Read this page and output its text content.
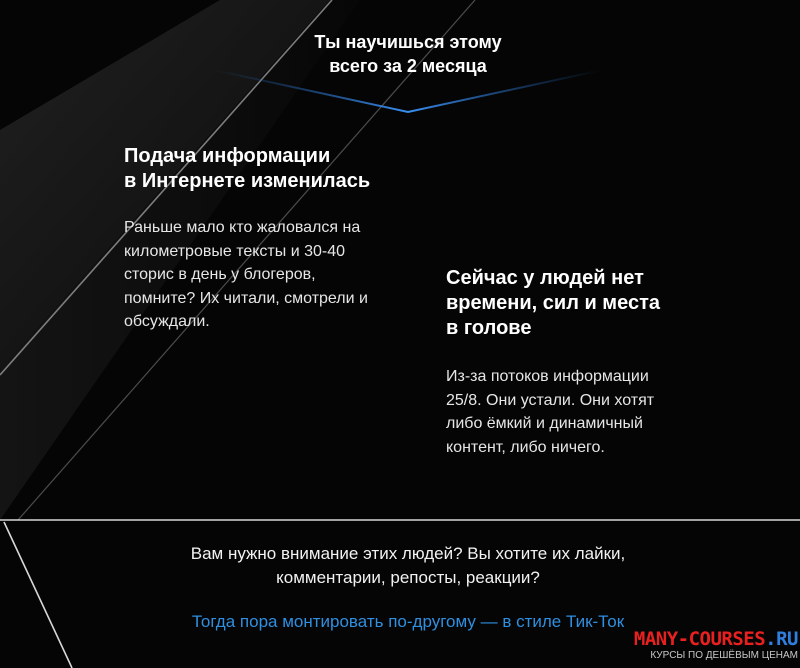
Ты научишься этому
всего за 2 месяца
Подача информации
в Интернете изменилась
Раньше мало кто жаловался на километровые тексты и 30-40 сторис в день у блогеров, помните? Их читали, смотрели и обсуждали.
Сейчас у людей нет
времени, сил и места
в голове
Из-за потоков информации 25/8. Они устали. Они хотят либо ёмкий и динамичный контент, либо ничего.
Вам нужно внимание этих людей? Вы хотите их лайки,
комментарии, репосты, реакции?
Тогда пора монтировать по-другому — в стиле Тик-Ток
MANY-COURSES.RU
КУРСЫ ПО ДЕШЁВЫМ ЦЕНАМ
